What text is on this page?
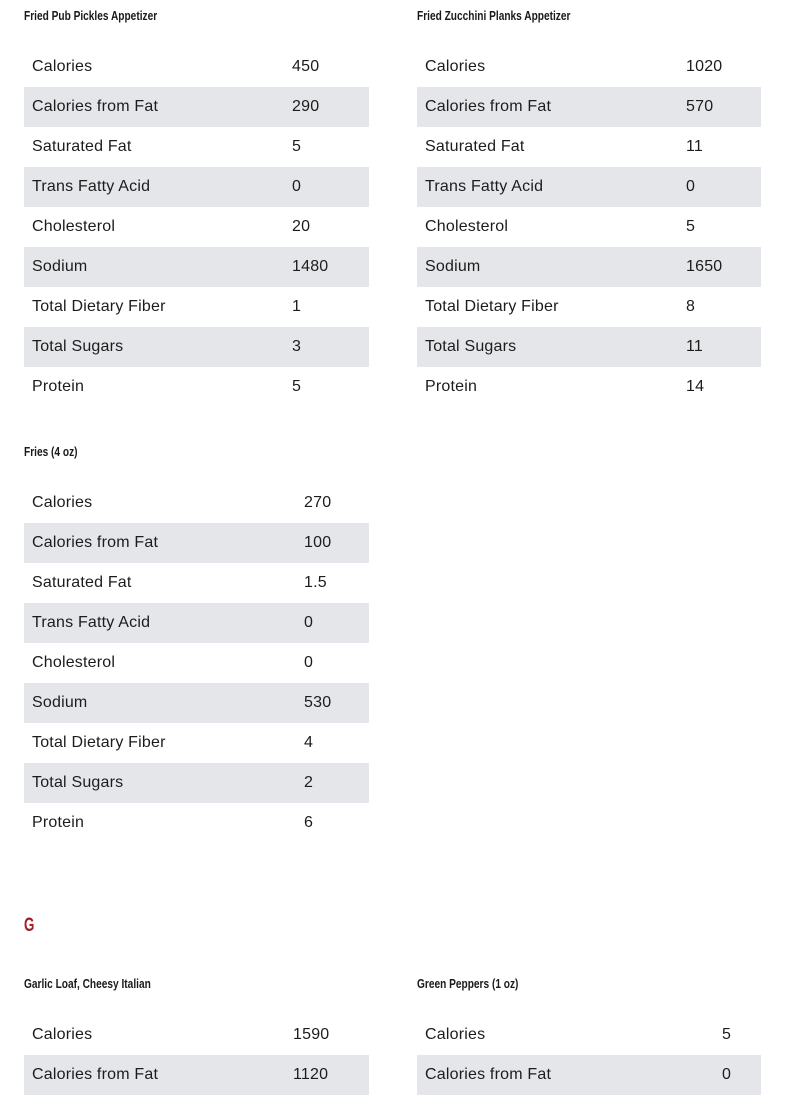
Fried Pub Pickles Appetizer
Calories	450
Calories from Fat	290
Saturated Fat	5
Trans Fatty Acid	0
Cholesterol	20
Sodium	1480
Total Dietary Fiber	1
Total Sugars	3
Protein	5
Fried Zucchini Planks Appetizer
Calories	1020
Calories from Fat	570
Saturated Fat	11
Trans Fatty Acid	0
Cholesterol	5
Sodium	1650
Total Dietary Fiber	8
Total Sugars	11
Protein	14
Fries (4 oz)
Calories	270
Calories from Fat	100
Saturated Fat	1.5
Trans Fatty Acid	0
Cholesterol	0
Sodium	530
Total Dietary Fiber	4
Total Sugars	2
Protein	6
G
Garlic Loaf, Cheesy Italian
Calories	1590
Calories from Fat	1120
Green Peppers (1 oz)
Calories	5
Calories from Fat	0
